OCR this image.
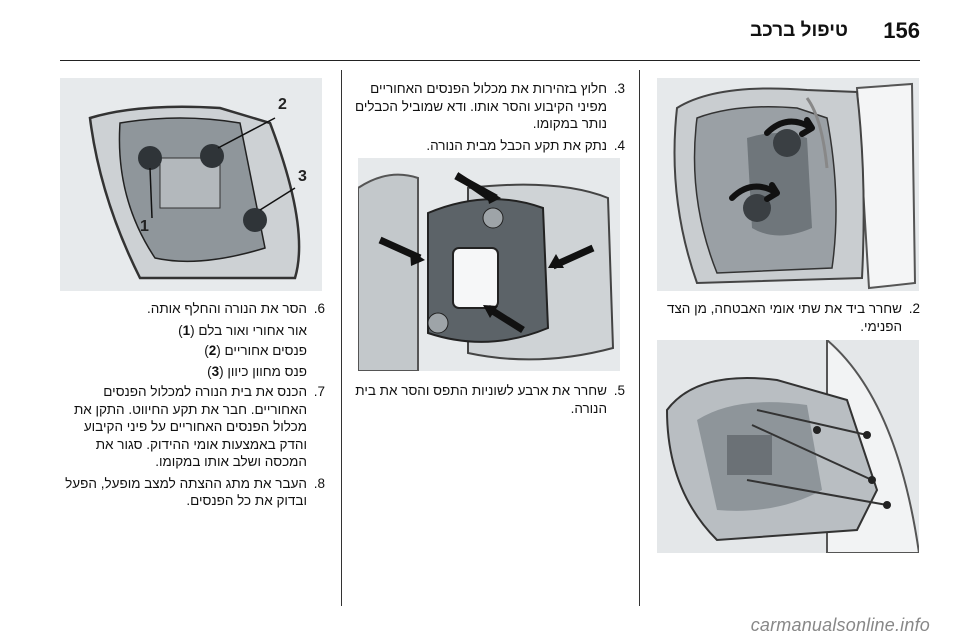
156
טיפול ברכב
2.
שחרר ביד את שתי אומי האבטחה, מן הצד הפנימי.
3.
חלוץ בזהירות את מכלול הפנסים האחוריים מפיני הקיבוע והסר אותו. ודא שמוביל הכבלים נותר במקומו.
4.
נתק את תקע הכבל מבית הנורה.
5.
שחרר את ארבע לשוניות התפס והסר את בית הנורה.
1
2
3
6.
הסר את הנורה והחלף אותה.
אור אחורי ואור בלם (1)
פנסים אחוריים (2)
פנס מחוון כיוון (3)
7.
הכנס את בית הנורה למכלול הפנסים האחוריים. חבר את תקע החיווט. התקן את מכלול הפנסים האחוריים על פיני הקיבוע והדק באמצעות אומי ההידוק. סגור את המכסה ושלב אותו במקומו.
8.
העבר את מתג ההצתה למצב מופעל, הפעל ובדוק את כל הפנסים.
carmanualsonline.info
